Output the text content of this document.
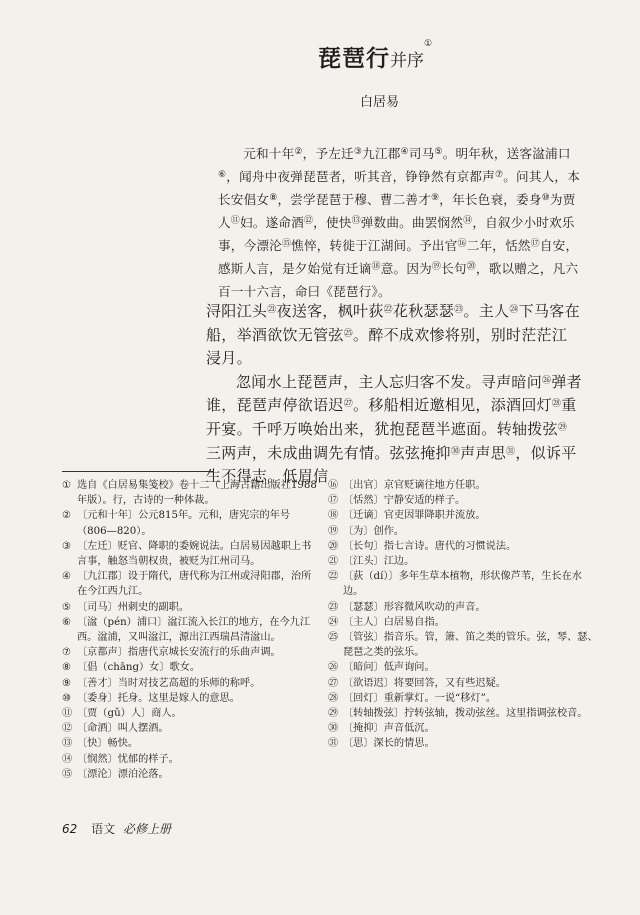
琵琶行并序①
白居易

元和十年②，予左迁③九江郡④司马⑤。明年秋，送客湓浦口⑥，闻舟中夜弹琵琶者，听其音，铮铮然有京都声⑦。问其人，本长安倡女⑧，尝学琵琶于穆、曹二善才⑨，年长色衰，委身⑩为贾人⑪妇。遂命酒⑫，使快⑬弹数曲。曲罢悯然⑭，自叙少小时欢乐事，今漂沦⑮憔悴，转徙于江湖间。予出官⑯二年，恬然⑰自安，感斯人言，是夕始觉有迁谪⑱意。因为⑲长句⑳，歌以赠之，凡六百一十六言，命曰《琵琶行》。

浔阳江头$^㉑$夜送客，枫叶荻$^㉒$花秋瑟瑟$^㉓$。主人$^㉔$下马客在船，举酒欲饮无管弦$^㉕$。醉不成欢惨将别，别时茫茫江浸月。

忽闻水上琵琶声，主人忘归客不发。寻声暗问$^㉖$弹者谁，琵琶声停欲语迟$^㉗$。移船相近邀相见，添酒回灯$^㉘$重开宴。千呼万唤始出来，犹抱琵琶半遮面。转轴拨弦$^㉙$三两声，未成曲调先有情。弦弦掩抑$^㉚$声声思$^㉛$，似诉平生不得志。低眉信

① 选自《白居易集笺校》卷十二（上海古籍出版社1988年版）。行，古诗的一种体裁。
② 〔元和十年〕公元815年。元和，唐宪宗的年号（806—820）。
③ 〔左迁〕贬官、降职的委婉说法。白居易因越职上书言事，触怒当朝权贵，被贬为江州司马。
④ 〔九江郡〕设于隋代，唐代称为江州或浔阳郡，治所在今江西九江。
⑤ 〔司马〕州刺史的副职。
⑥ 〔湓（pén）浦口〕湓江流入长江的地方，在今九江西。湓浦，又叫湓江，源出江西瑞昌清湓山。
⑦ 〔京都声〕指唐代京城长安流行的乐曲声调。
⑧ 〔倡（chāng）女〕歌女。
⑨ 〔善才〕当时对技艺高超的乐师的称呼。
⑩ 〔委身〕托身。这里是嫁人的意思。
⑪ 〔贾（gǔ）人〕商人。
⑫ 〔命酒〕叫人摆酒。
⑬ 〔快〕畅快。
⑭ 〔悯然〕忧郁的样子。
⑮ 〔漂沦〕漂泊沦落。
⑯ 〔出官〕京官贬谪往地方任职。
⑰ 〔恬然〕宁静安适的样子。
⑱ 〔迁谪〕官吏因罪降职并流放。
⑲ 〔为〕创作。
⑳ 〔长句〕指七言诗。唐代的习惯说法。
㉑ 〔江头〕江边。
㉒ 〔荻（dí）〕多年生草本植物，形状像芦苇，生长在水边。
㉓ 〔瑟瑟〕形容微风吹动的声音。
㉔ 〔主人〕白居易自指。
㉕ 〔管弦〕指音乐。管，箫、笛之类的管乐。弦，琴、瑟、琵琶之类的弦乐。
㉖ 〔暗问〕低声询问。
㉗ 〔欲语迟〕将要回答，又有些迟疑。
㉘ 〔回灯〕重新掌灯。一说“移灯”。
㉙ 〔转轴拨弦〕拧转弦轴，拨动弦丝。这里指调弦校音。
㉚ 〔掩抑〕声音低沉。
㉛ 〔思〕深长的情思。
62 语文 必修上册
